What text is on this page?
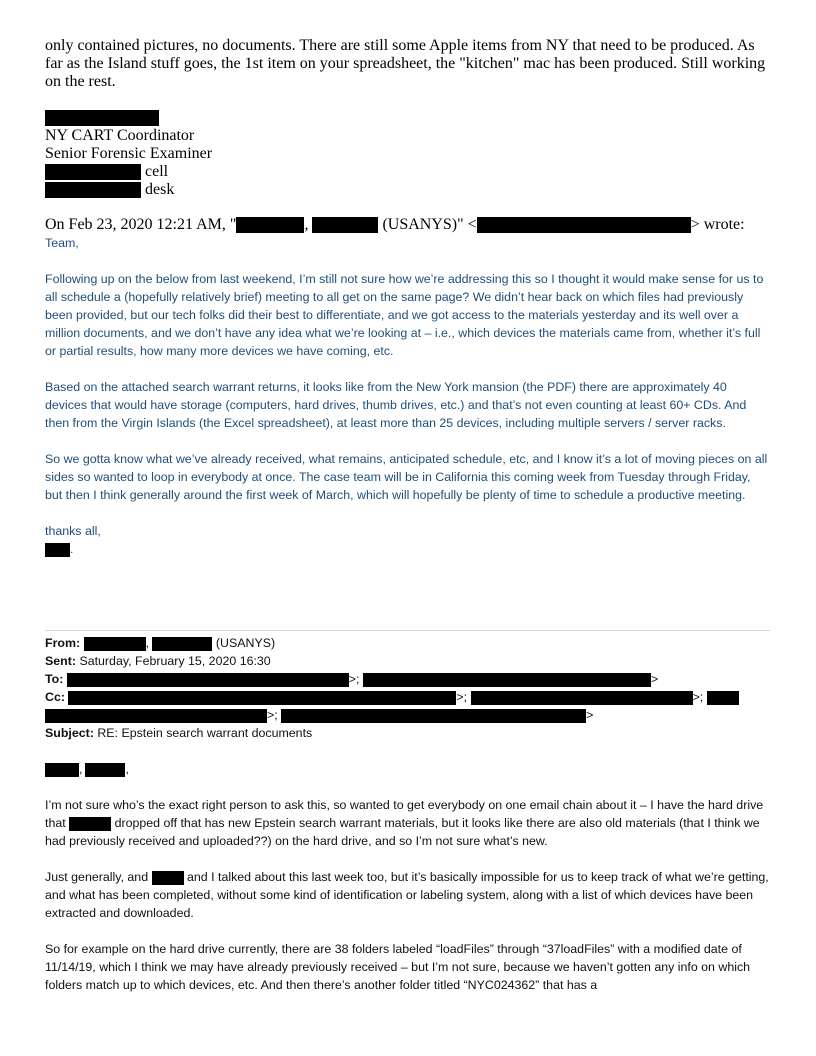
only contained pictures, no documents. There are still some Apple items from NY that need to be produced. As far as the Island stuff goes, the 1st item on your spreadsheet, the "kitchen" mac has been produced. Still working on the rest.

NY CART Coordinator
Senior Forensic Examiner
cell
desk
On Feb 23, 2020 12:21 AM, "	,	(USANYS)" <	> wrote:

Team,

Following up on the below from last weekend, I’m still not sure how we’re addressing this so I thought it would make sense for us to all schedule a (hopefully relatively brief) meeting to all get on the same page? We didn’t hear back on which files had previously been provided, but our tech folks did their best to differentiate, and we got access to the materials yesterday and its well over a million documents, and we don’t have any idea what we’re looking at – i.e., which devices the materials came from, whether it’s full or partial results, how many more devices we have coming, etc.

Based on the attached search warrant returns, it looks like from the New York mansion (the PDF) there are approximately 40 devices that would have storage (computers, hard drives, thumb drives, etc.) and that’s not even counting at least 60+ CDs. And then from the Virgin Islands (the Excel spreadsheet), at least more than 25 devices, including multiple servers / server racks.

So we gotta know what we’ve already received, what remains, anticipated schedule, etc, and I know it’s a lot of moving pieces on all sides so wanted to loop in everybody at once. The case team will be in California this coming week from Tuesday through Friday, but then I think generally around the first week of March, which will hopefully be plenty of time to schedule a productive meeting.

thanks all,

.

From:	,	(USANYS)
Sent: Saturday, February 15, 2020 16:30
To:	>;	>
Cc:	>;	>;
>;	>
Subject: RE: Epstein search warrant documents

,	,

I’m not sure who’s the exact right person to ask this, so wanted to get everybody on one email chain about it – I have the hard drive that	dropped off that has new Epstein search warrant materials, but it looks like there are also old materials (that I think we had previously received and uploaded??) on the hard drive, and so I’m not sure what’s new.

Just generally, and	and I talked about this last week too, but it’s basically impossible for us to keep track of what we’re getting, and what has been completed, without some kind of identification or labeling system, along with a list of which devices have been extracted and downloaded.

So for example on the hard drive currently, there are 38 folders labeled “loadFiles” through “37loadFiles” with a modified date of 11/14/19, which I think we may have already previously received – but I’m not sure, because we haven’t gotten any info on which folders match up to which devices, etc. And then there’s another folder titled “NYC024362” that has a
